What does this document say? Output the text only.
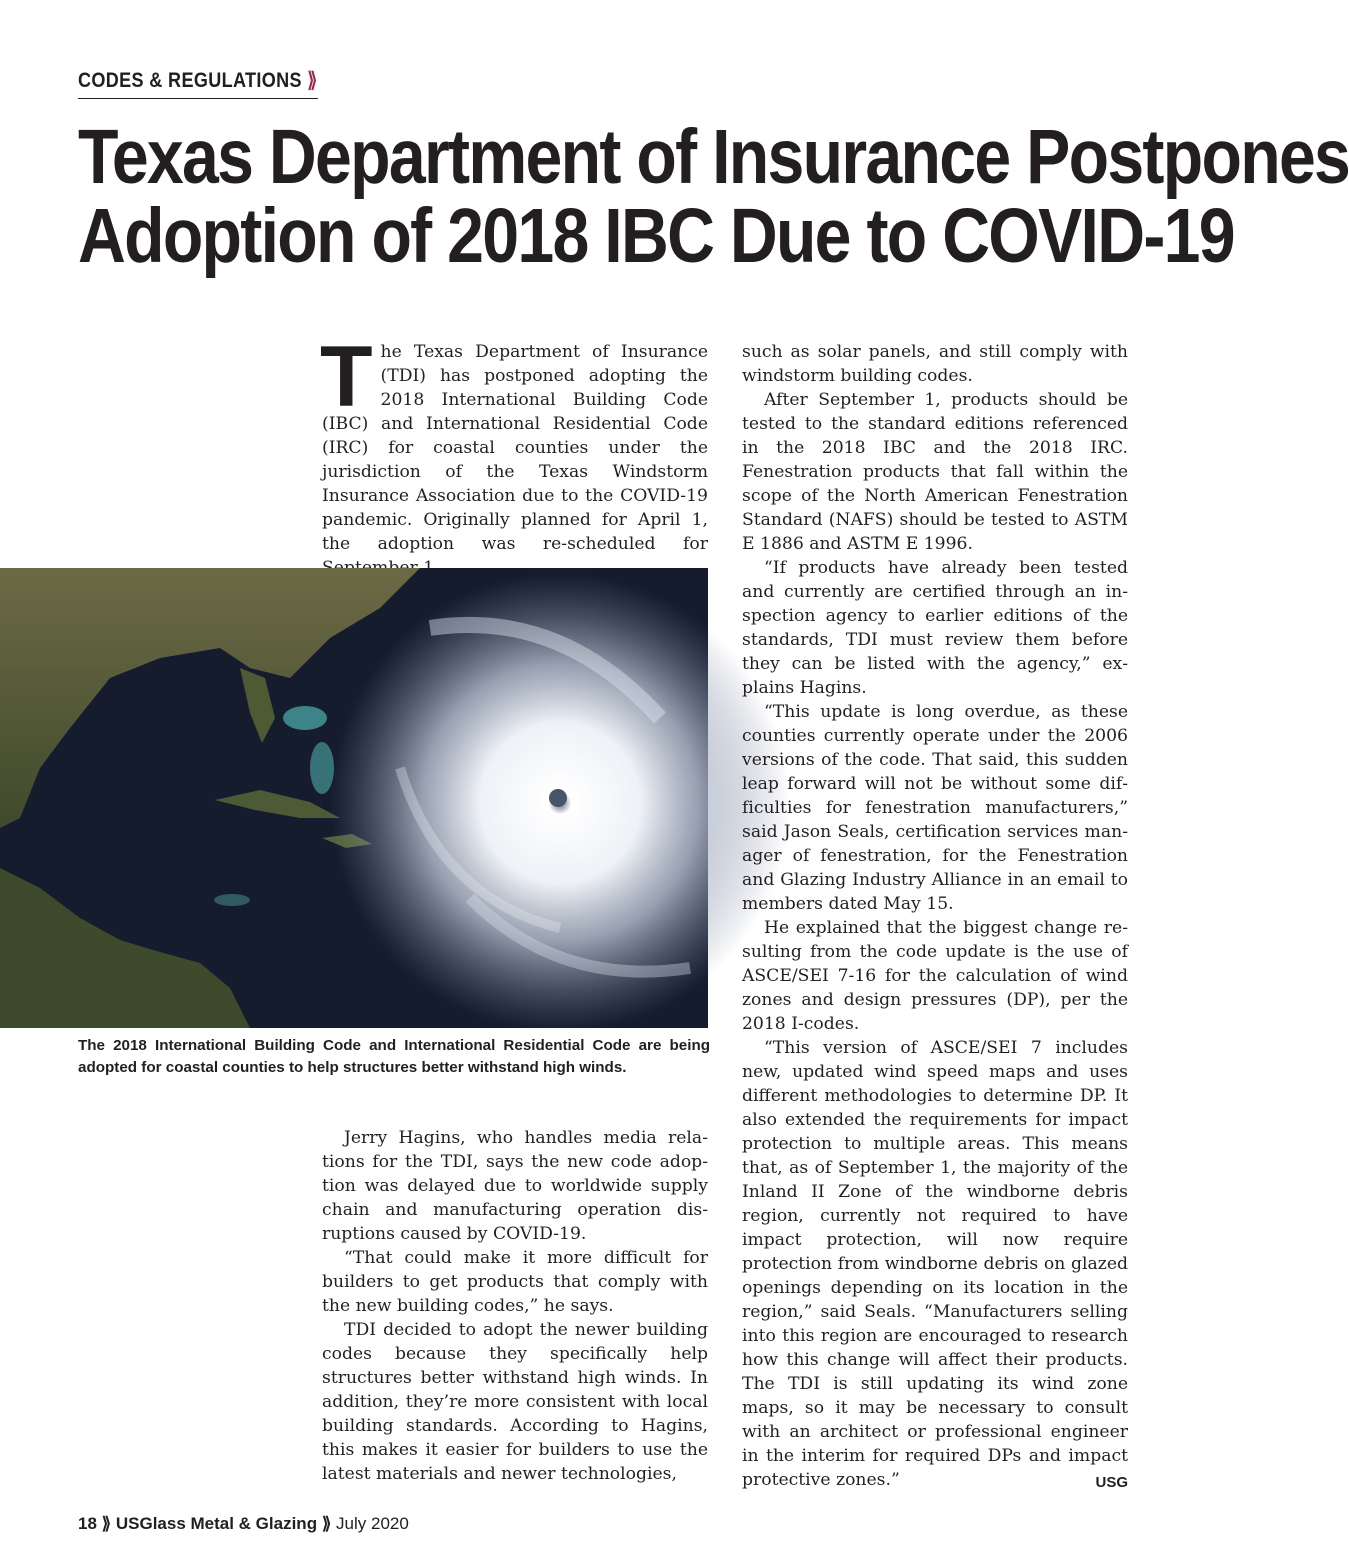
CODES & REGULATIONS ⟫
Texas Department of Insurance Postpones
Adoption of 2018 IBC Due to COVID-19

The Texas Department of Insurance (TDI) has postponed adopting the 2018 International Building Code (IBC) and International Residential Code (IRC) for coastal counties under the jurisdiction of the Texas Windstorm Insurance Association due to the COVID-19 pandemic. Originally planned for April 1, the adoption was re-scheduled for

The 2018 International Building Code and International Residential Code are being adopted for coastal counties to help structures better withstand high winds.

Jerry Hagins, who handles media relations for the TDI, says the new code adoption was delayed due to worldwide supply chain and manufacturing operation disruptions caused by COVID-19.

“That could make it more difficult for builders to get products that comply with the new building codes,” he says.

TDI decided to adopt the newer building codes because they specifically help structures better withstand high winds. In addition, they’re more consistent with local building standards. According to Hagins, this makes it easier for builders to use the latest materials and newer technologies,

such as solar panels, and still comply with windstorm building codes.

After September 1, products should be tested to the standard editions referenced in the 2018 IBC and the 2018 IRC. Fenestration products that fall within the scope of the North American Fenestration Standard (NAFS) should be tested to ASTM E 1886 and ASTM E 1996.

“If products have already been tested and currently are certified through an inspection agency to earlier editions of the standards, TDI must review them before they can be listed with the agency,” explains Hagins.

“This update is long overdue, as these counties currently operate under the 2006 versions of the code. That said, this sudden leap forward will not be without some difficulties for fenestration manufacturers,” said Jason Seals, certification services manager of fenestration, for the Fenestration and Glazing Industry Alliance in an email to members dated May 15.

He explained that the biggest change resulting from the code update is the use of ASCE/SEI 7-16 for the calculation of wind zones and design pressures (DP), per the 2018 I-codes.

“This version of ASCE/SEI 7 includes new, updated wind speed maps and uses different methodologies to determine DP. It also extended the requirements for impact protection to multiple areas. This means that, as of September 1, the majority of the Inland II Zone of the windborne debris region, currently not required to have impact protection, will now require protection from windborne debris on glazed openings depending on its location in the region,” said Seals. “Manufacturers selling into this region are encouraged to research how this change will affect their products. The TDI is still updating its wind zone maps, so it may be necessary to consult with an architect or professional engineer in the interim for required DPs and impact protective zones.”	USG

18 ⟫ USGlass Metal & Glazing ⟫ July 2020
